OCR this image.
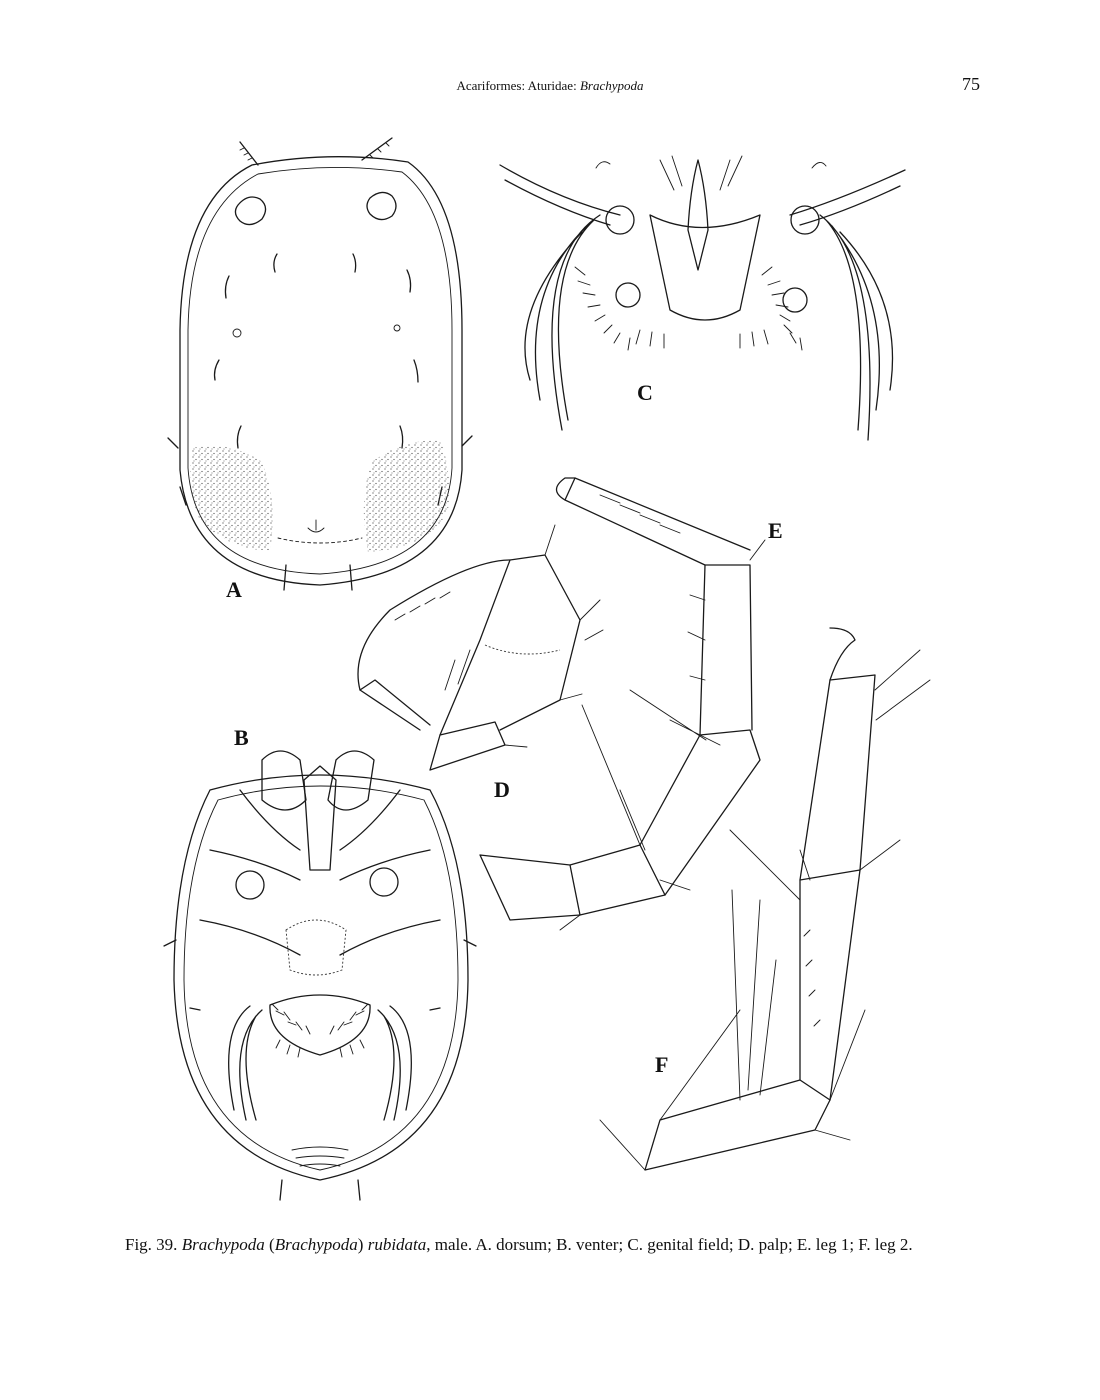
Acariformes: Aturidae: Brachypoda	75
A
B
C
D
E
F
Fig. 39. Brachypoda (Brachypoda) rubidata, male. A. dorsum; B. venter; C. genital field; D. palp; E. leg 1; F. leg 2.
